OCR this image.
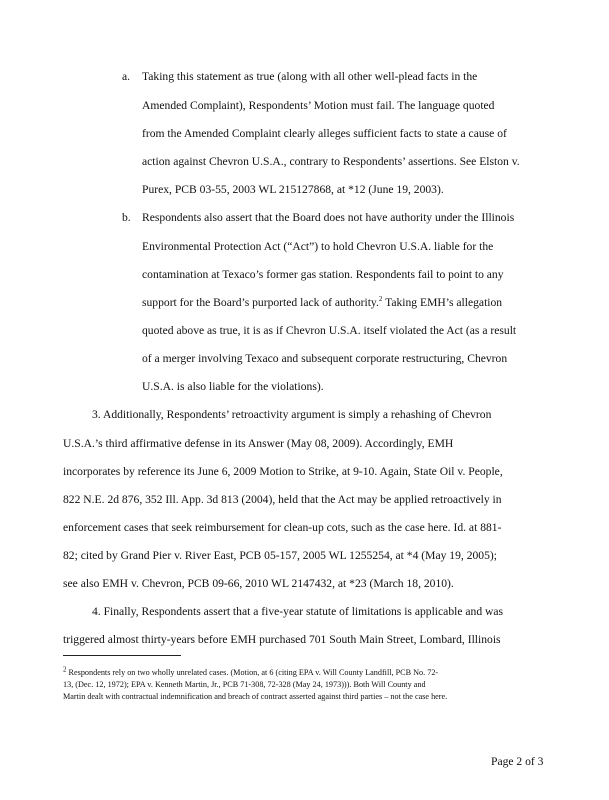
a. Taking this statement as true (along with all other well-plead facts in the
Amended Complaint), Respondents’ Motion must fail. The language quoted
from the Amended Complaint clearly alleges sufficient facts to state a cause of
action against Chevron U.S.A., contrary to Respondents’ assertions. See Elston v.
Purex, PCB 03-55, 2003 WL 215127868, at *12 (June 19, 2003).
b. Respondents also assert that the Board does not have authority under the Illinois
Environmental Protection Act (“Act”) to hold Chevron U.S.A. liable for the
contamination at Texaco’s former gas station. Respondents fail to point to any
support for the Board’s purported lack of authority.$^2$ Taking EMH’s allegation
quoted above as true, it is as if Chevron U.S.A. itself violated the Act (as a result
of a merger involving Texaco and subsequent corporate restructuring, Chevron
U.S.A. is also liable for the violations).
3. Additionally, Respondents’ retroactivity argument is simply a rehashing of Chevron
U.S.A.’s third affirmative defense in its Answer (May 08, 2009). Accordingly, EMH
incorporates by reference its June 6, 2009 Motion to Strike, at 9-10. Again, State Oil v. People,
822 N.E. 2d 876, 352 Ill. App. 3d 813 (2004), held that the Act may be applied retroactively in
enforcement cases that seek reimbursement for clean-up cots, such as the case here. Id. at 881-
82; cited by Grand Pier v. River East, PCB 05-157, 2005 WL 1255254, at *4 (May 19, 2005);
see also EMH v. Chevron, PCB 09-66, 2010 WL 2147432, at *23 (March 18, 2010).
4. Finally, Respondents assert that a five-year statute of limitations is applicable and was
triggered almost thirty-years before EMH purchased 701 South Main Street, Lombard, Illinois
2 Respondents rely on two wholly unrelated cases. (Motion, at 6 (citing EPA v. Will County Landfill, PCB No. 72-
13, (Dec. 12, 1972); EPA v. Kenneth Martin, Jr., PCB 71-308, 72-328 (May 24, 1973))). Both Will County and
Martin dealt with contractual indemnification and breach of contract asserted against third parties – not the case here.
Page 2 of 3
